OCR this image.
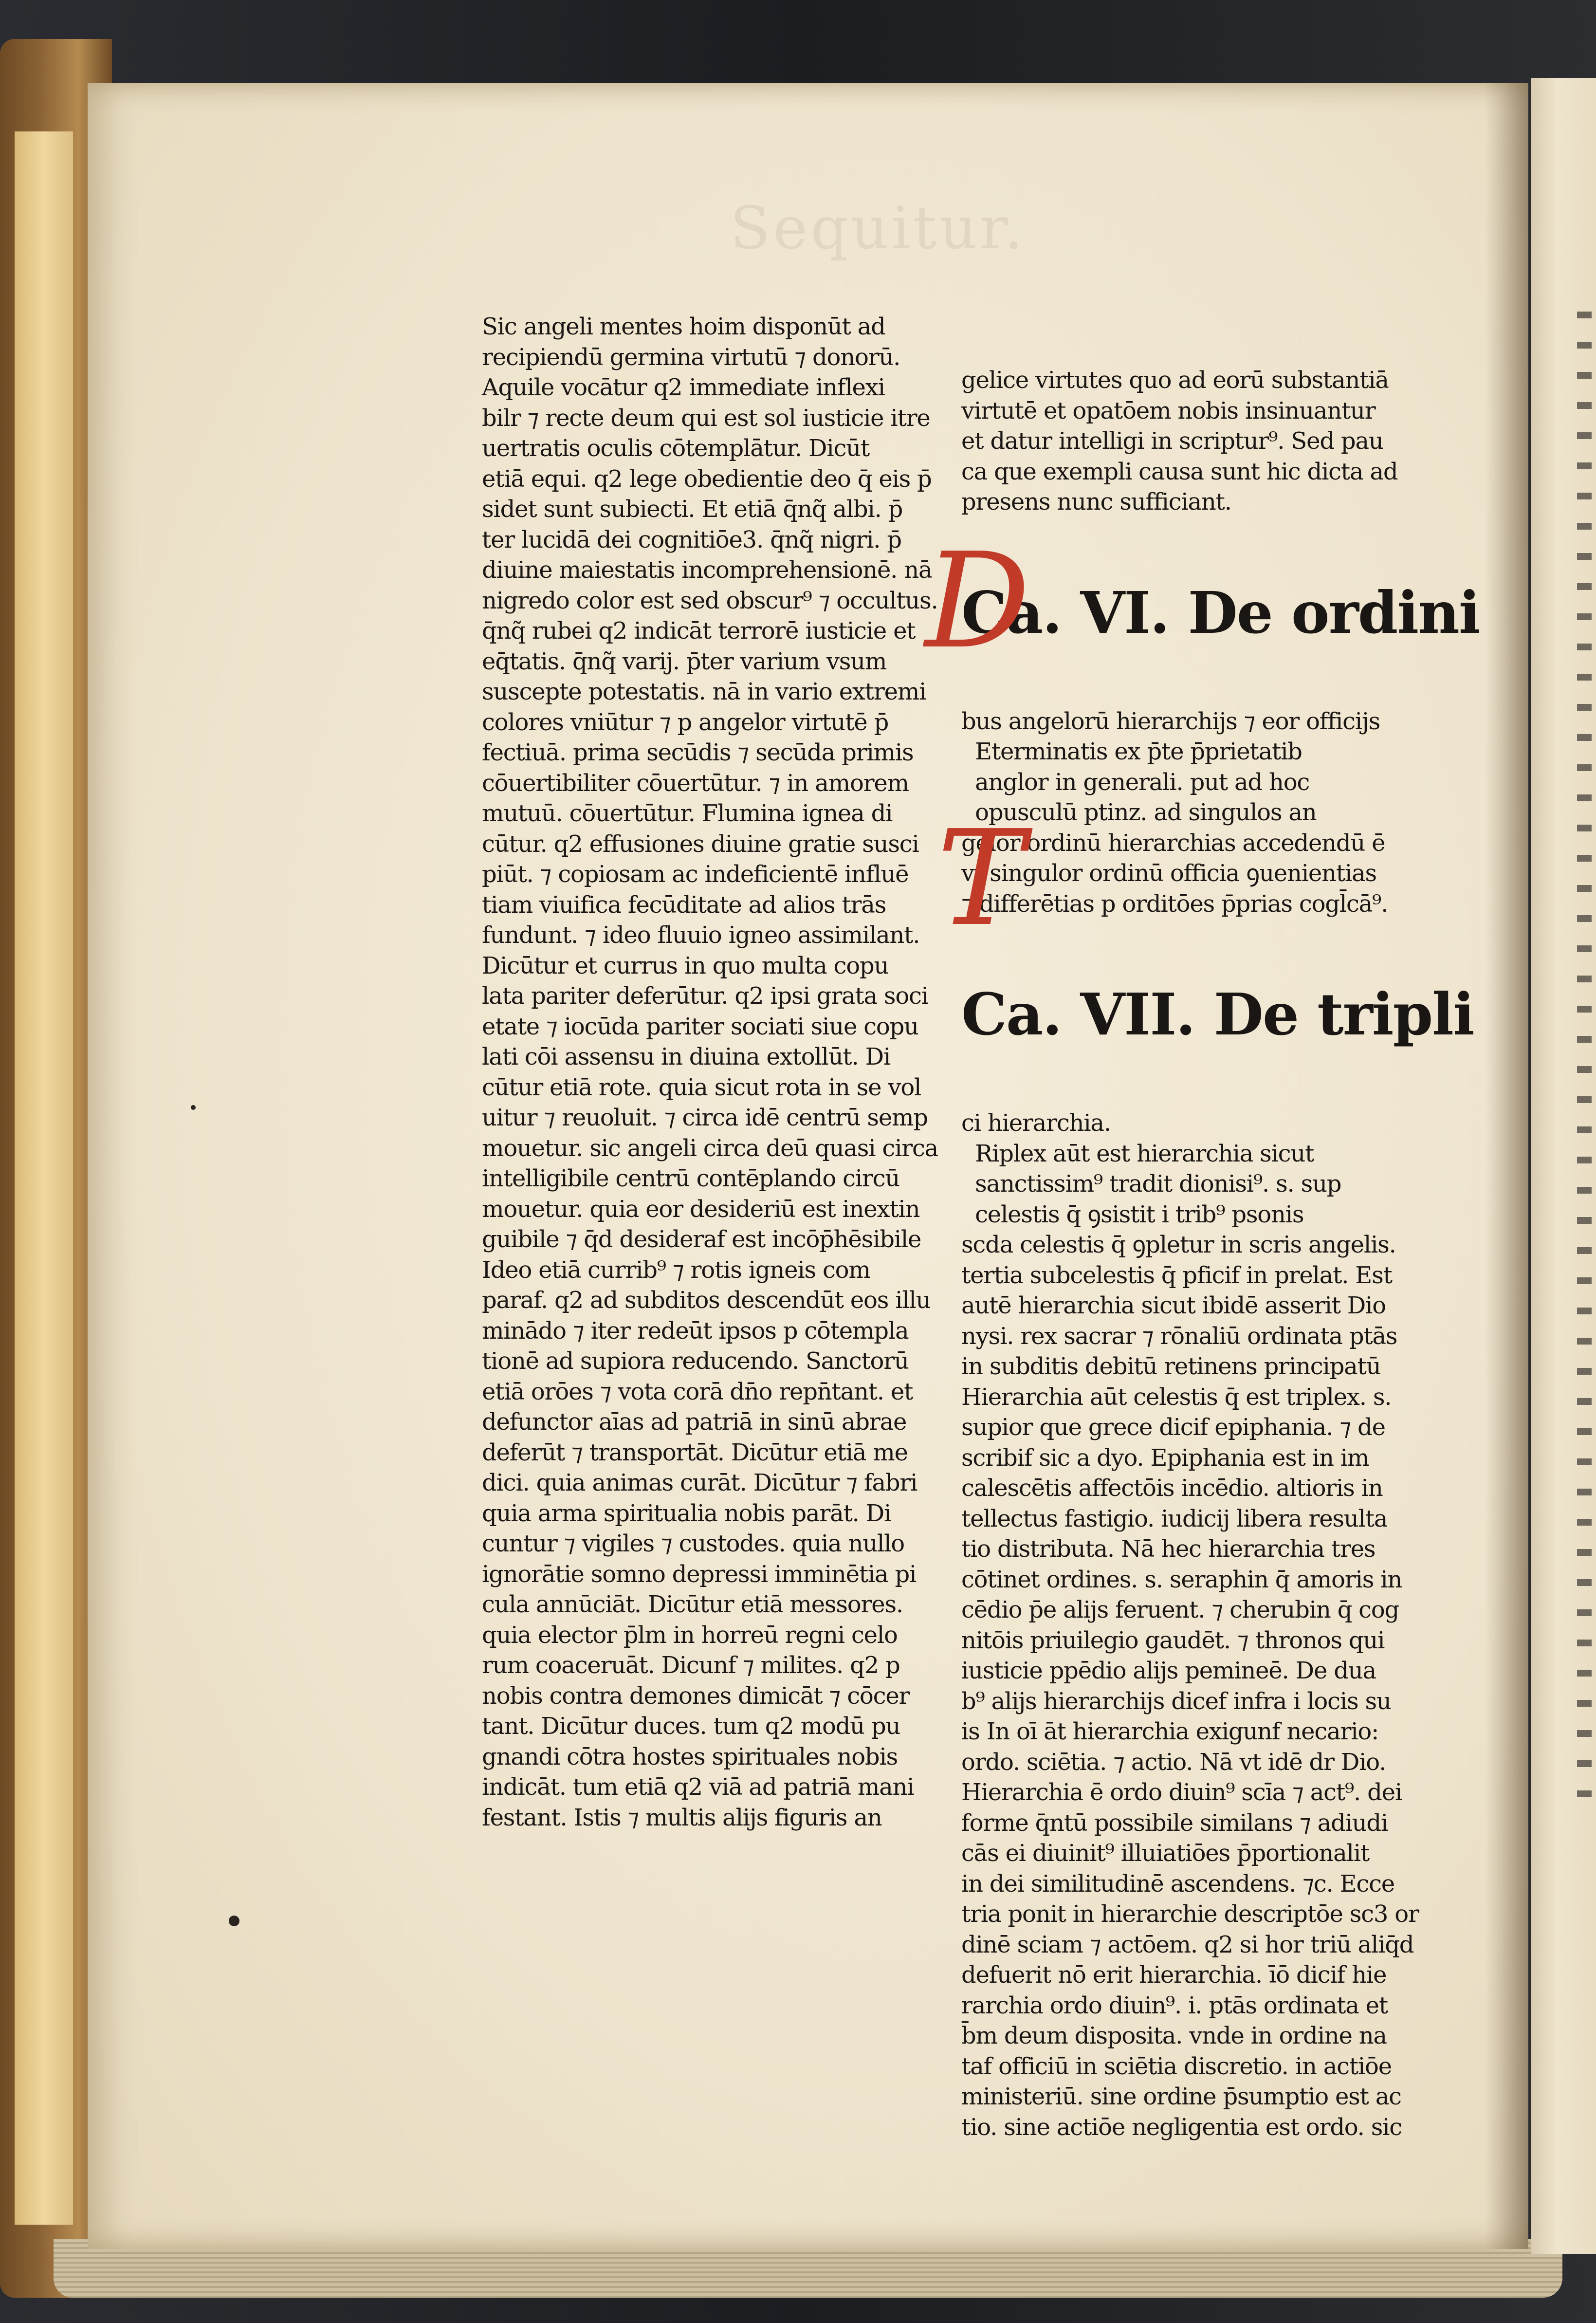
Sequitur.
Sic angeli mentes hoim disponūt ad
recipiendū germina virtutū ⁊ donorū.
Aquile vocātur q2 immediate inflexi
bilr ⁊ recte deum qui est sol iusticie itre
uertratis oculis cōtemplātur. Dicūt
etiā equi. q2 lege obedientie deo q̄ eis p̄
sidet sunt subiecti. Et etiā q̄nq̃ albi. p̄
ter lucidā dei cognitiōe3. q̄nq̃ nigri. p̄
diuine maiestatis incomprehensionē. nā
nigredo color est sed obscur⁹ ⁊ occultus.
q̄nq̃ rubei q2 indicāt terrorē iusticie et
eq̄tatis. q̄nq̃ varij. p̄ter varium vsum
suscepte potestatis. nā in vario extremi
colores vniūtur ⁊ p angelor virtutē p̄
fectiuā. prima secūdis ⁊ secūda primis
cōuertibiliter cōuertūtur. ⁊ in amorem
mutuū. cōuertūtur. Flumina ignea di
cūtur. q2 effusiones diuine gratie susci
piūt. ⁊ copiosam ac indeficientē influē
tiam viuifica fecūditate ad alios trās
fundunt. ⁊ ideo fluuio igneo assimilant.
Dicūtur et currus in quo multa copu
lata pariter deferūtur. q2 ipsi grata soci
etate ⁊ iocūda pariter sociati siue copu
lati cōi assensu in diuina extollūt. Di
cūtur etiā rote. quia sicut rota in se vol
uitur ⁊ reuoluit. ⁊ circa idē centrū semp
mouetur. sic angeli circa deū quasi circa
intelligibile centrū contēplando circū
mouetur. quia eor desideriū est inextin
guibile ⁊ q̄d desideraf est incōp̄hēsibile
Ideo etiā currib⁹ ⁊ rotis igneis com
paraf. q2 ad subditos descendūt eos illu
minādo ⁊ iter redeūt ipsos p cōtempla
tionē ad supiora reducendo. Sanctorū
etiā orōes ⁊ vota corā dn̄o repn̄tant. et
defunctor aīas ad patriā in sinū abrae
deferūt ⁊ transportāt. Dicūtur etiā me
dici. quia animas curāt. Dicūtur ⁊ fabri
quia arma spiritualia nobis parāt. Di
cuntur ⁊ vigiles ⁊ custodes. quia nullo
ignorātie somno depressi imminētia pi
cula annūciāt. Dicūtur etiā messores.
quia elector p̄lm in horreū regni celo
rum coaceruāt. Dicunf ⁊ milites. q2 p
nobis contra demones dimicāt ⁊ cōcer
tant. Dicūtur duces. tum q2 modū pu
gnandi cōtra hostes spirituales nobis
indicāt. tum etiā q2 viā ad patriā mani
festant. Istis ⁊ multis alijs figuris an

gelice virtutes quo ad eorū substantiā
virtutē et opatōem nobis insinuantur
et datur intelligi in scriptur⁹. Sed pau
ca que exempli causa sunt hic dicta ad
presens nunc sufficiant.

Ca. VI. De ordini

bus angelorū hierarchijs ⁊ eor officijs
Eterminatis ex p̄te p̄prietatib
anglor in generali. put ad hoc
opusculū ptinz. ad singulos an
gelor ordinū hierarchias accedendū ē
vt singulor ordinū officia ꝯuenientias
⁊ differētias p orditōes p̄prias cogl̄cā⁹.

Ca. VII. De tripli

ci hierarchia.
Riplex aūt est hierarchia sicut
sanctissim⁹ tradit dionisi⁹. s. sup
celestis q̄ ꝯsistit i trib⁹ psonis
scda celestis q̄ ꝯpletur in scris angelis.
tertia subcelestis q̄ pficif in prelat. Est
autē hierarchia sicut ibidē asserit Dio
nysi. rex sacrar ⁊ rōnaliū ordinata ptās
in subditis debitū retinens principatū
Hierarchia aūt celestis q̄ est triplex. s.
supior que grece dicif epiphania. ⁊ de
scribif sic a dyo. Epiphania est in im
calescētis affectōis incēdio. altioris in
tellectus fastigio. iudicij libera resulta
tio distributa. Nā hec hierarchia tres
cōtinet ordines. s. seraphin q̄ amoris in
cēdio p̄e alijs feruent. ⁊ cherubin q̄ cog
nitōis priuilegio gaudēt. ⁊ thronos qui
iusticie ppēdio alijs pemineē. De dua
b⁹ alijs hierarchijs dicef infra i locis su
is In oī āt hierarchia exigunf necario:
ordo. sciētia. ⁊ actio. Nā vt idē dr Dio.
Hierarchia ē ordo diuin⁹ scīa ⁊ act⁹. dei
forme q̄ntū possibile similans ⁊ adiudi
cās ei diuinit⁹ illuiatiōes p̄portionalit
in dei similitudinē ascendens. ⁊c. Ecce
tria ponit in hierarchie descriptōe sc3 or
dinē sciam ⁊ actōem. q2 si hor triū aliq̄d
defuerit nō erit hierarchia. īō dicif hie
rarchia ordo diuin⁹. i. ptās ordinata et
b̄m deum disposita. vnde in ordine na
taf officiū in sciētia discretio. in actiōe
ministeriū. sine ordine p̄sumptio est ac
tio. sine actiōe negligentia est ordo. sic

D
T
